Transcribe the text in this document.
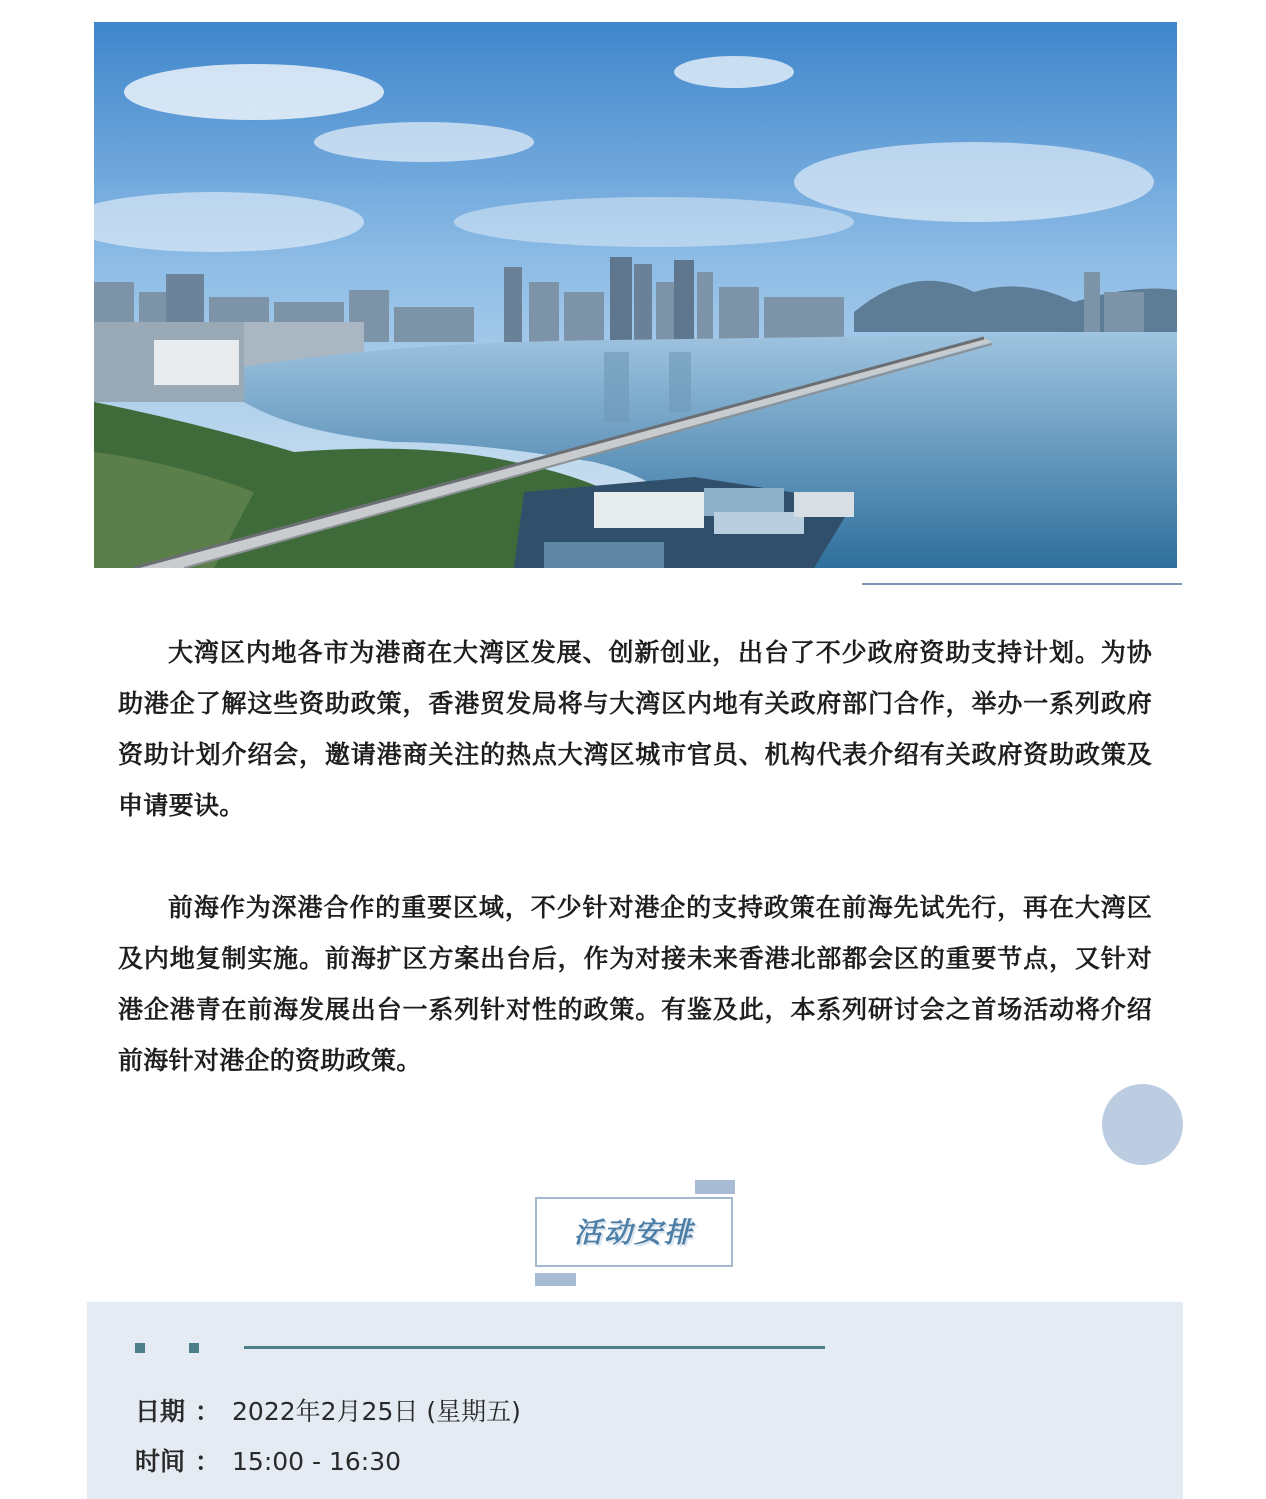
大湾区内地各市为港商在大湾区发展、创新创业，出台了不少政府资助支持计划。为协助港企了解这些资助政策，香港贸发局将与大湾区内地有关政府部门合作，举办一系列政府资助计划介绍会，邀请港商关注的热点大湾区城市官员、机构代表介绍有关政府资助政策及申请要诀。

前海作为深港合作的重要区域，不少针对港企的支持政策在前海先试先行，再在大湾区及内地复制实施。前海扩区方案出台后，作为对接未来香港北部都会区的重要节点，又针对港企港青在前海发展出台一系列针对性的政策。有鉴及此，本系列研讨会之首场活动将介绍前海针对港企的资助政策。

活动安排
日期 ： 2022年2月25日 (星期五)
时间 ： 15:00 - 16:30
